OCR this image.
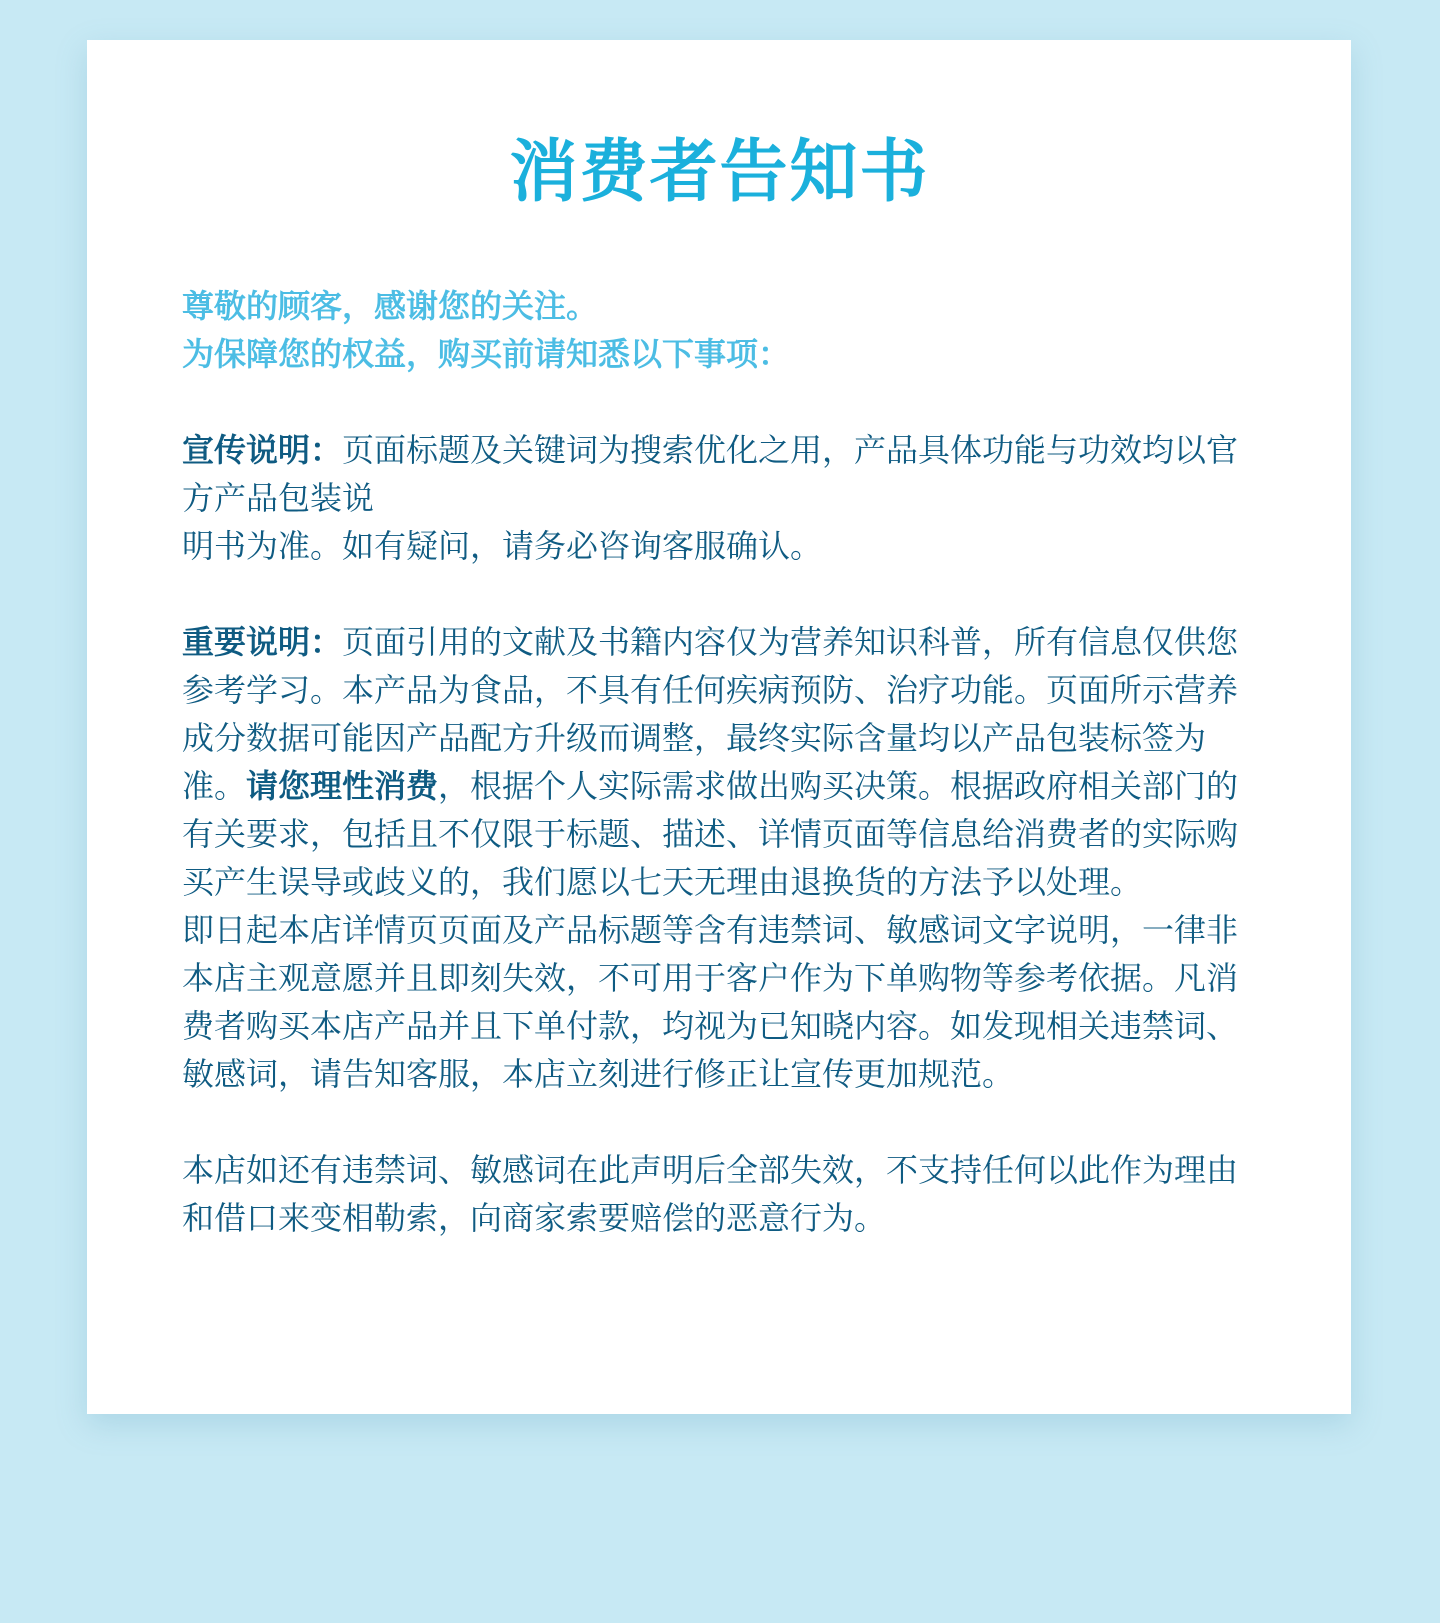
消费者告知书
尊敬的顾客，感谢您的关注。
为保障您的权益，购买前请知悉以下事项：

宣传说明：页面标题及关键词为搜索优化之用，产品具体功能与功效均以官方产品包装说

明书为准。如有疑问，请务必咨询客服确认。

重要说明：页面引用的文献及书籍内容仅为营养知识科普，所有信息仅供您参考学习。本产品为食品，不具有任何疾病预防、治疗功能。页面所示营养成分数据可能因产品配方升级而调整，最终实际含量均以产品包装标签为准。请您理性消费，根据个人实际需求做出购买决策。根据政府相关部门的有关要求，包括且不仅限于标题、描述、详情页面等信息给消费者的实际购买产生误导或歧义的，我们愿以七天无理由退换货的方法予以处理。

即日起本店详情页页面及产品标题等含有违禁词、敏感词文字说明，一律非本店主观意愿并且即刻失效，不可用于客户作为下单购物等参考依据。凡消费者购买本店产品并且下单付款，均视为已知晓内容。如发现相关违禁词、敏感词，请告知客服，本店立刻进行修正让宣传更加规范。

本店如还有违禁词、敏感词在此声明后全部失效，不支持任何以此作为理由和借口来变相勒索，向商家索要赔偿的恶意行为。
